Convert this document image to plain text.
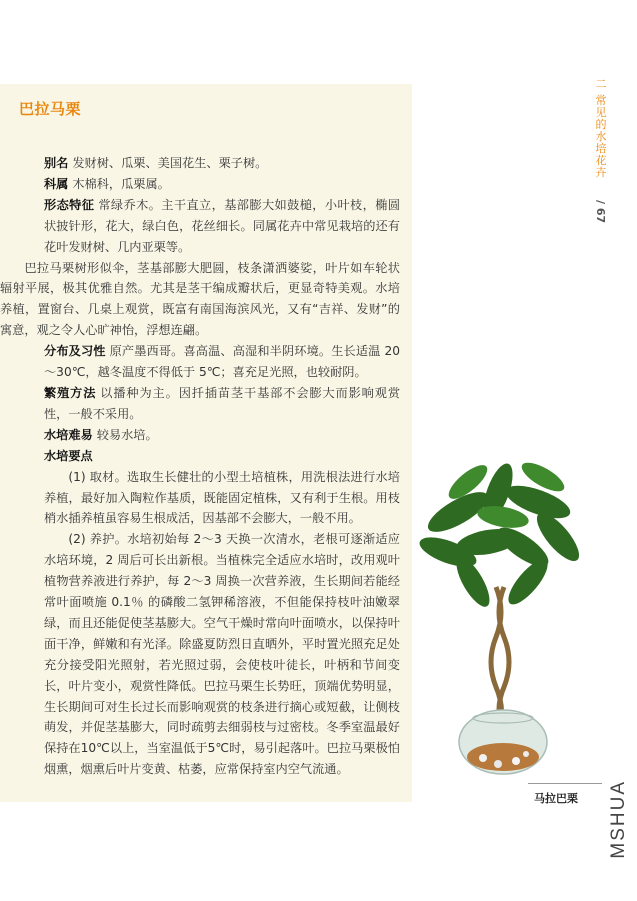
巴拉马栗

别名 发财树、瓜栗、美国花生、栗子树。

科属 木棉科，瓜栗属。

形态特征 常绿乔木。主干直立，基部膨大如鼓槌，小叶枝，椭圆状披针形，花大，绿白色，花丝细长。同属花卉中常见栽培的还有花叶发财树、几内亚栗等。

巴拉马栗树形似伞，茎基部膨大肥圆，枝条潇洒婆娑，叶片如车轮状辐射平展，极其优雅自然。尤其是茎干编成瓣状后，更显奇特美观。水培养植，置窗台、几桌上观赏，既富有南国海滨风光，又有“吉祥、发财”的寓意，观之令人心旷神怡，浮想连翩。

分布及习性 原产墨西哥。喜高温、高湿和半阴环境。生长适温 20～30℃，越冬温度不得低于 5℃；喜充足光照，也较耐阴。

繁殖方法 以播种为主。因扦插苗茎干基部不会膨大而影响观赏性，一般不采用。

水培难易 较易水培。

水培要点

(1) 取材。选取生长健壮的小型土培植株，用洗根法进行水培养植，最好加入陶粒作基质，既能固定植株，又有利于生根。用枝梢水插养植虽容易生根成活，因基部不会膨大，一般不用。

(2) 养护。水培初始每 2～3 天换一次清水，老根可逐渐适应水培环境，2 周后可长出新根。当植株完全适应水培时，改用观叶植物营养液进行养护，每 2～3 周换一次营养液，生长期间若能经常叶面喷施 0.1％ 的磷酸二氢钾稀溶液，不但能保持枝叶油嫩翠绿，而且还能促使茎基膨大。空气干燥时常向叶面喷水，以保持叶面干净，鲜嫩和有光泽。除盛夏防烈日直晒外，平时置光照充足处充分接受阳光照射，若光照过弱，会使枝叶徒长，叶柄和节间变长，叶片变小，观赏性降低。巴拉马栗生长势旺，顶端优势明显，生长期间可对生长过长而影响观赏的枝条进行摘心或短截，让侧枝萌发，并促茎基膨大，同时疏剪去细弱枝与过密枝。冬季室温最好保持在10℃以上，当室温低于5℃时，易引起落叶。巴拉马栗极怕烟熏，烟熏后叶片变黄、枯萎，应常保持室内空气流通。

二 常见的水培花卉
/ 67
马拉巴栗 MSHUA
